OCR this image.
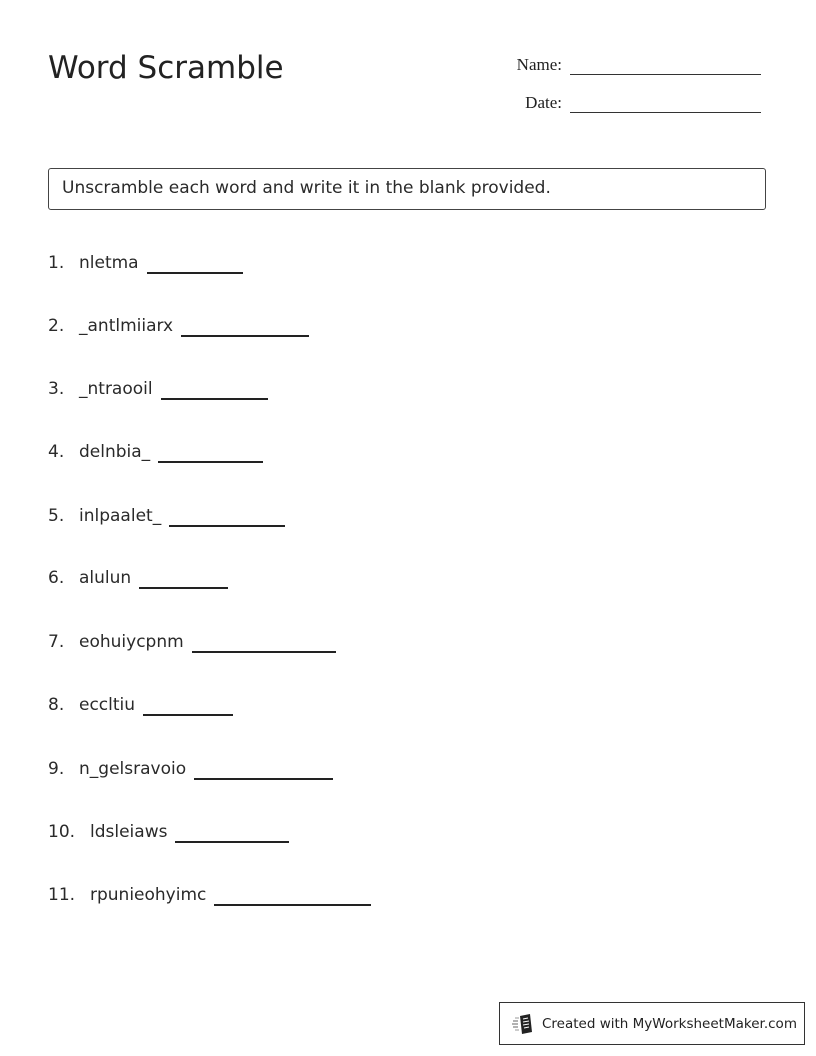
Word Scramble	Name:
Date:
Unscramble each word and write it in the blank provided.
1. nletma
2. _antlmiiarx
3. _ntraooil
4. delnbia_
5. inlpaalet_
6. alulun
7. eohuiycpnm
8. eccltiu
9. n_gelsravoio
10. ldsleiaws
11. rpunieohyimc
Created with MyWorksheetMaker.com
